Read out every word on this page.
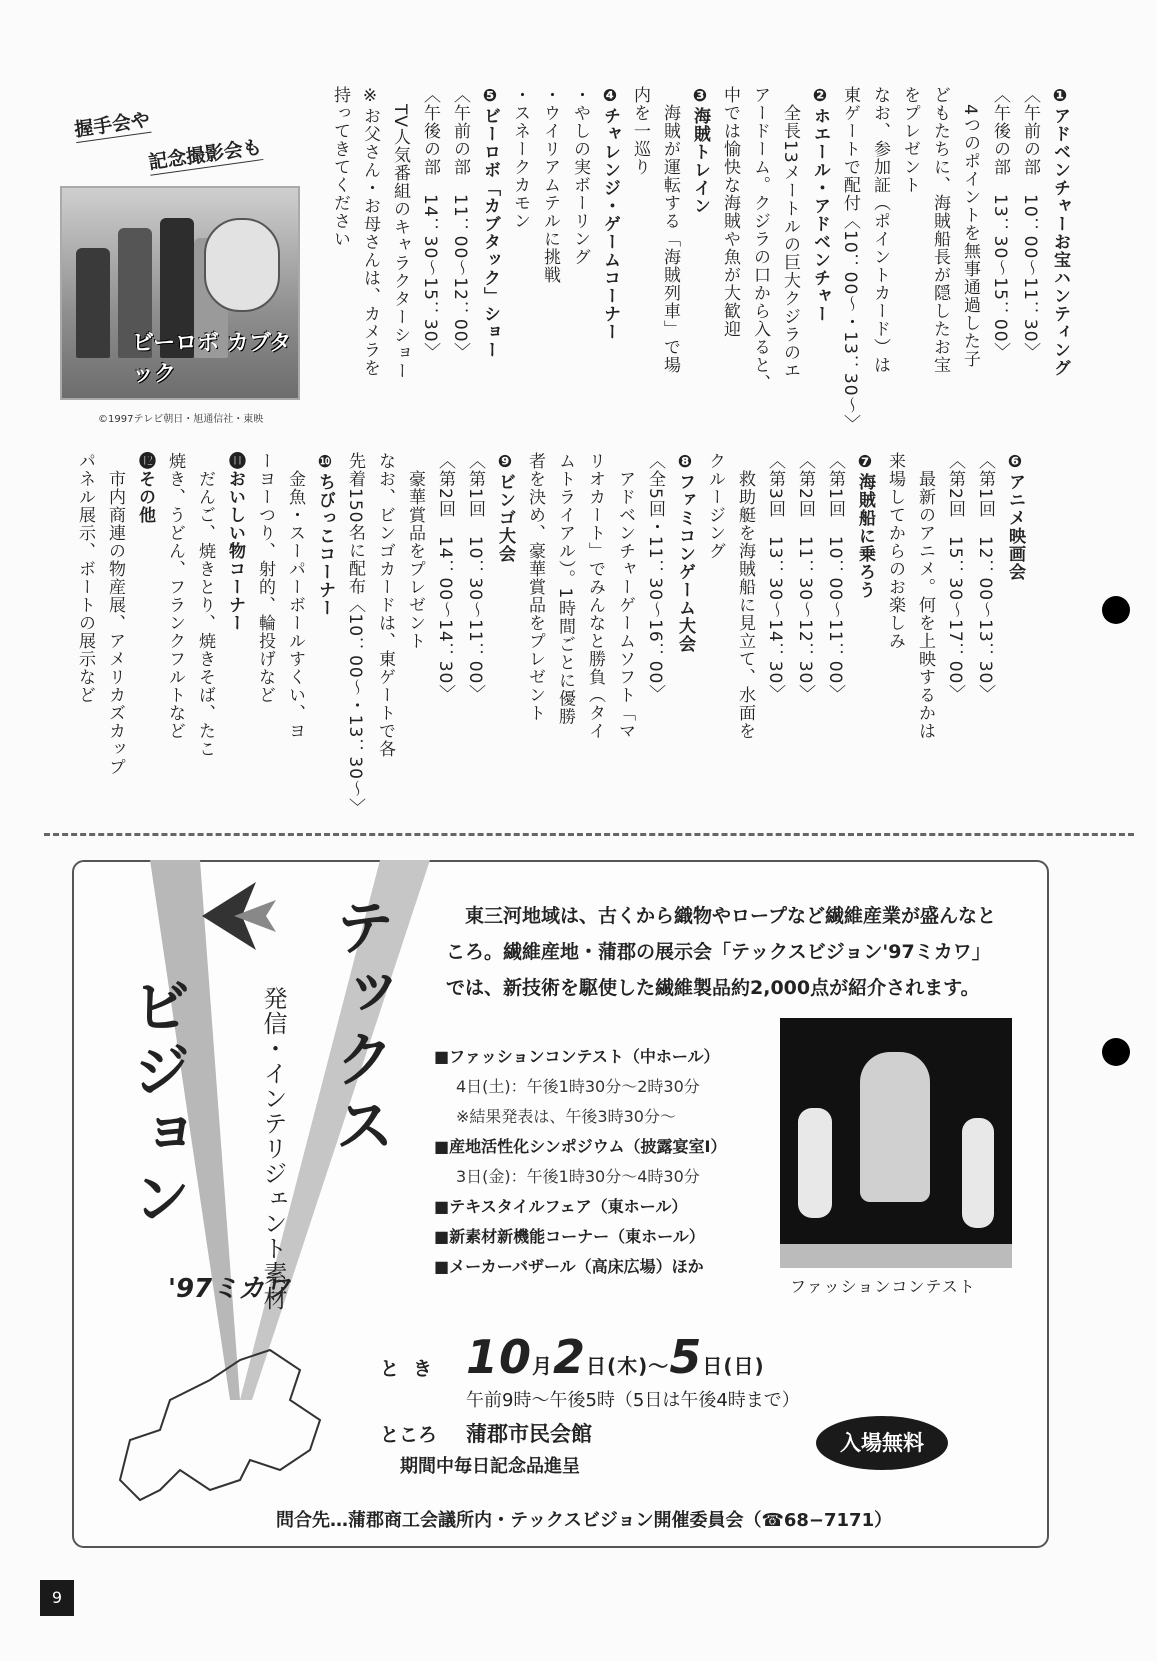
握手会や
記念撮影会も
ビーロボ カブタック
©1997テレビ朝日・旭通信社・東映
❶アドベンチャーお宝ハンティング
〈午前の部　10：00〜11：30〉
〈午後の部　13：30〜15：00〉
　4つのポイントを無事通過した子
どもたちに、海賊船長が隠したお宝
をプレゼント
なお、参加証（ポイントカード）は
東ゲートで配付〈10：00〜・13：30〜〉
❷ホエール・アドベンチャー
　全長13メートルの巨大クジラのエ
アードーム。クジラの口から入ると、
中では愉快な海賊や魚が大歓迎
❸海賊トレイン
　海賊が運転する「海賊列車」で場
内を一巡り
❹チャレンジ・ゲームコーナー
・やしの実ボーリング
・ウイリアムテルに挑戦
・スネークカモン
❺ビーロボ「カブタック」ショー
〈午前の部　11：00〜12：00〉
〈午後の部　14：30〜15：30〉
　TV人気番組のキャラクターショー
※お父さん・お母さんは、カメラを
持ってきてください
❻アニメ映画会
〈第1回　12：00〜13：30〉
〈第2回　15：30〜17：00〉
　最新のアニメ。何を上映するかは
来場してからのお楽しみ
❼海賊船に乗ろう
〈第1回　10：00〜11：00〉
〈第2回　11：30〜12：30〉
〈第3回　13：30〜14：30〉
　救助艇を海賊船に見立て、水面を
クルージング
❽ファミコンゲーム大会
〈全5回・11：30〜16：00〉
　アドベンチャーゲームソフト「マ
リオカート」でみんなと勝負（タイ
ムトライアル）。1時間ごとに優勝
者を決め、豪華賞品をプレゼント
❾ビンゴ大会
〈第1回　10：30〜11：00〉
〈第2回　14：00〜14：30〉
　豪華賞品をプレゼント
なお、ビンゴカードは、東ゲートで各
先着150名に配布〈10：00〜・13：30〜〉
❿ちびっこコーナー
　金魚・スーパーボールすくい、ヨ
ーヨーつり、射的、輪投げなど
⓫おいしい物コーナー
　だんご、焼きとり、焼きそば、たこ
焼き、うどん、フランクフルトなど
⓬その他
　市内商連の物産展、アメリカズカップ
パネル展示、ボートの展示など
テックス
ビジョン	発信・インテリジェント素材
'97ミカワ
東三河地域は、古くから織物やロープなど繊維産業が盛んなところ。繊維産地・蒲郡の展示会「テックスビジョン'97ミカワ」では、新技術を駆使した繊維製品約2,000点が紹介されます。
■ファッションコンテスト（中ホール）
4日(土)：午後1時30分〜2時30分
※結果発表は、午後3時30分〜
■産地活性化シンポジウム（披露宴室Ⅰ）
3日(金)：午後1時30分〜4時30分
■テキスタイルフェア（東ホール）
■新素材新機能コーナー（東ホール）
■メーカーバザール（高床広場）ほか
ファッションコンテスト
とき 10月2日(木)〜5日(日)
午前9時〜午後5時（5日は午後4時まで）
ところ 蒲郡市民会館
期間中毎日記念品進呈
入場無料
問合先…蒲郡商工会議所内・テックスビジョン開催委員会（☎68−7171）
9
